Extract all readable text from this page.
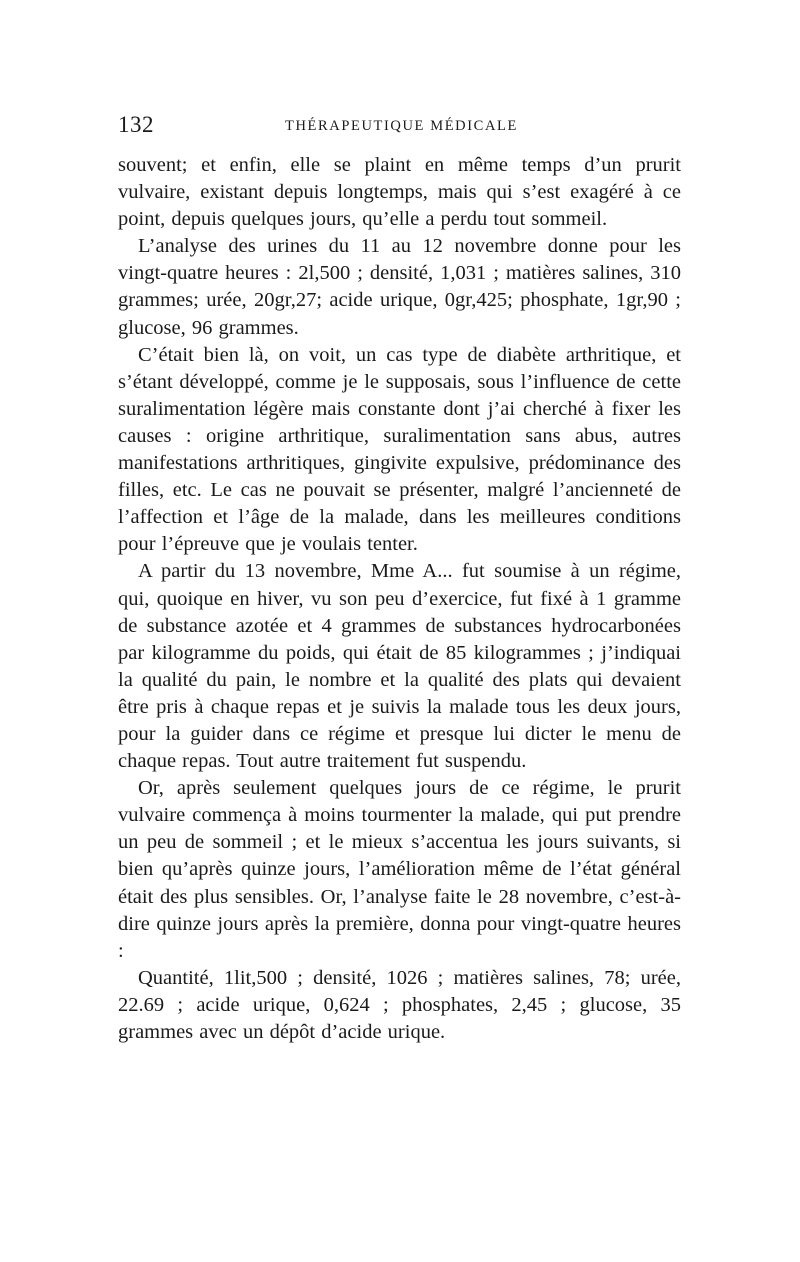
132	THÉRAPEUTIQUE MÉDICALE

souvent; et enfin, elle se plaint en même temps d’un prurit vulvaire, existant depuis longtemps, mais qui s’est exagéré à ce point, depuis quelques jours, qu’elle a perdu tout sommeil.

L’analyse des urines du 11 au 12 novembre donne pour les vingt-quatre heures : 2l,500 ; densité, 1,031 ; matières salines, 310 grammes; urée, 20gr,27; acide urique, 0gr,425; phosphate, 1gr,90 ; glucose, 96 grammes.

C’était bien là, on voit, un cas type de diabète arthritique, et s’étant développé, comme je le supposais, sous l’influence de cette suralimentation légère mais constante dont j’ai cherché à fixer les causes : origine arthritique, suralimentation sans abus, autres manifestations arthritiques, gingivite expulsive, prédominance des filles, etc. Le cas ne pouvait se présenter, malgré l’ancienneté de l’affection et l’âge de la malade, dans les meilleures conditions pour l’épreuve que je voulais tenter.

A partir du 13 novembre, Mme A... fut soumise à un régime, qui, quoique en hiver, vu son peu d’exercice, fut fixé à 1 gramme de substance azotée et 4 grammes de substances hydrocarbonées par kilogramme du poids, qui était de 85 kilogrammes ; j’indiquai la qualité du pain, le nombre et la qualité des plats qui devaient être pris à chaque repas et je suivis la malade tous les deux jours, pour la guider dans ce régime et presque lui dicter le menu de chaque repas. Tout autre traitement fut suspendu.

Or, après seulement quelques jours de ce régime, le prurit vulvaire commença à moins tourmenter la malade, qui put prendre un peu de sommeil ; et le mieux s’accentua les jours suivants, si bien qu’après quinze jours, l’amélioration même de l’état général était des plus sensibles. Or, l’analyse faite le 28 novembre, c’est-à-dire quinze jours après la première, donna pour vingt-quatre heures :

Quantité, 1lit,500 ; densité, 1026 ; matières salines, 78; urée, 22.69 ; acide urique, 0,624 ; phosphates, 2,45 ; glucose, 35 grammes avec un dépôt d’acide urique.
